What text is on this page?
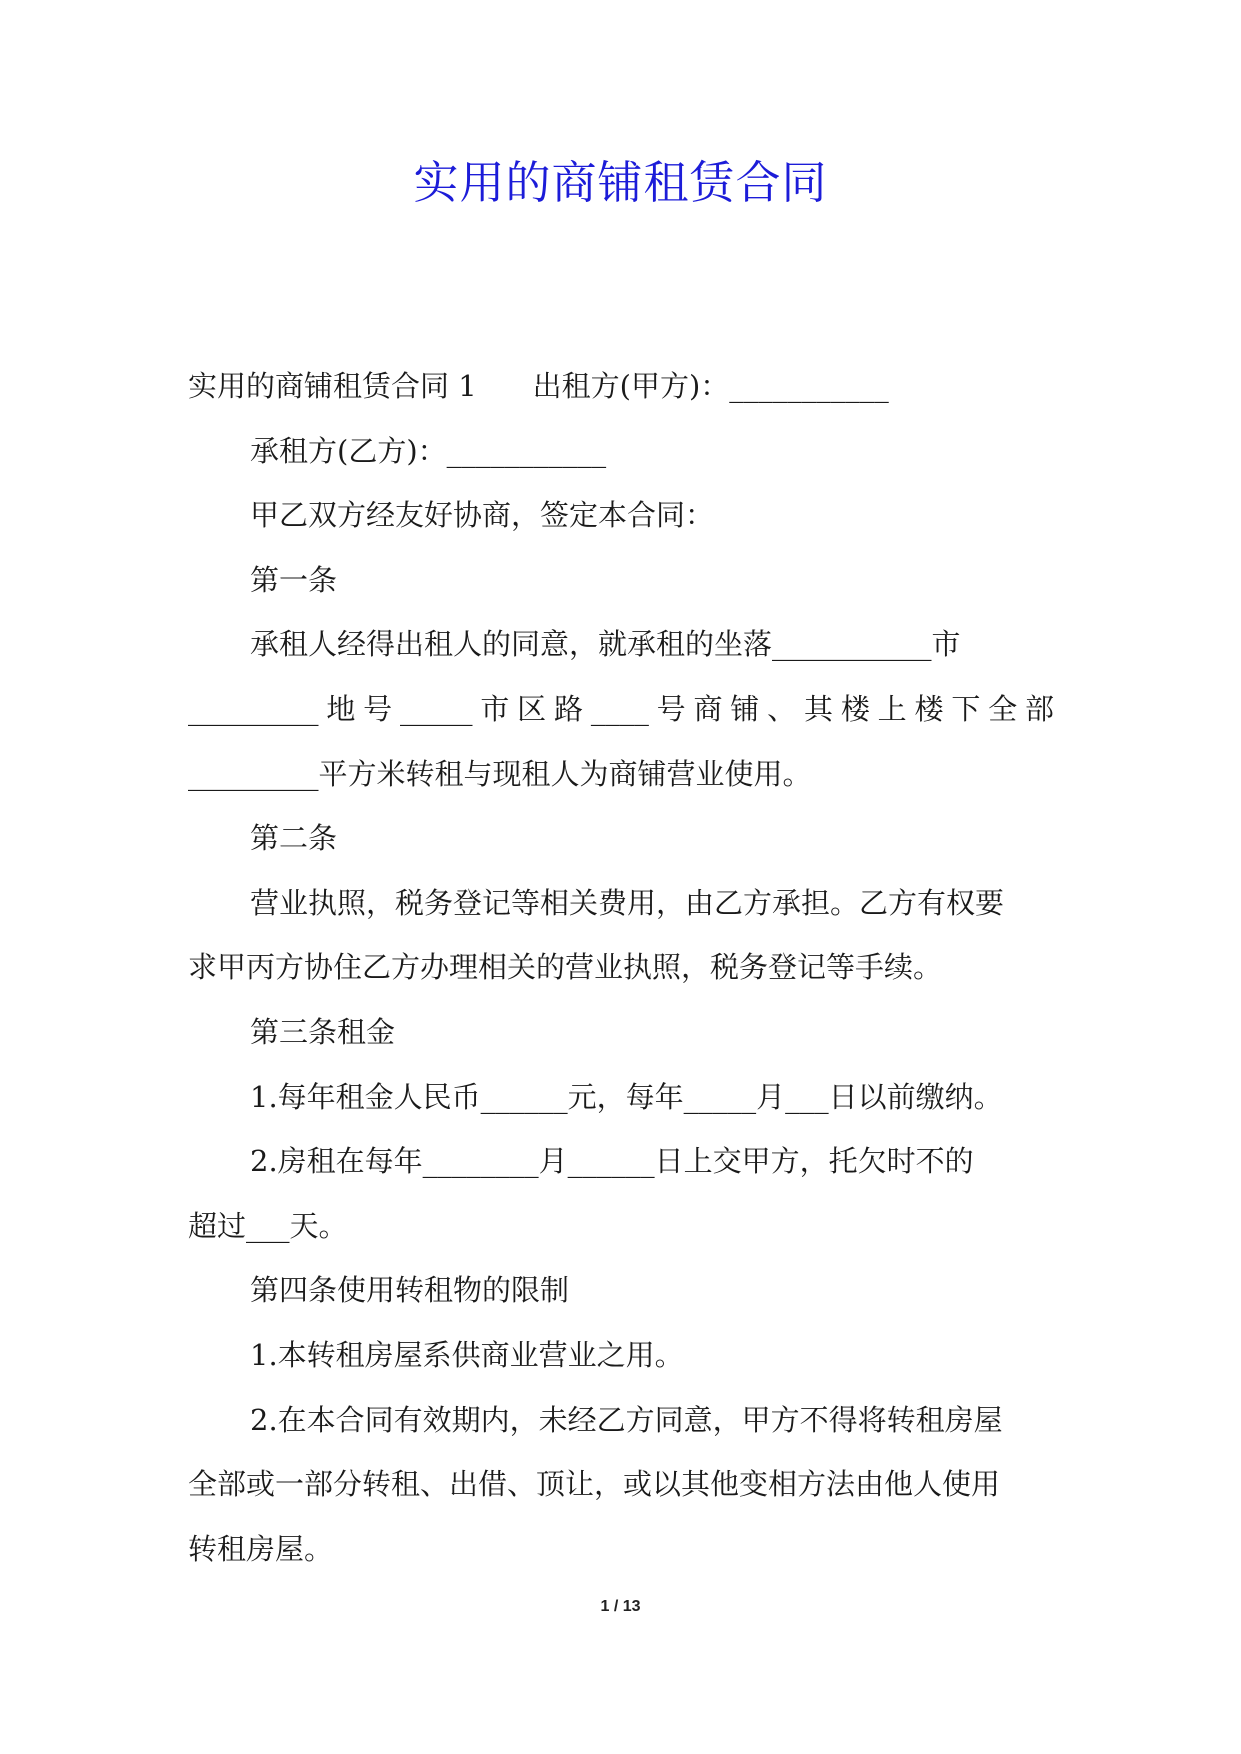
实用的商铺租赁合同

实用的商铺租赁合同 1 出租方(甲方)：___________

承租方(乙方)：___________

甲乙双方经友好协商，签定本合同：

第一条

承租人经得出租人的同意，就承租的坐落___________市

_________地号_____市区路____号商铺、其楼上楼下全部

_________平方米转租与现租人为商铺营业使用。

第二条

营业执照，税务登记等相关费用，由乙方承担。乙方有权要

求甲丙方协住乙方办理相关的营业执照，税务登记等手续。

第三条租金

1.每年租金人民币______元，每年_____月___日以前缴纳。

2.房租在每年________月______日上交甲方，托欠时不的

超过___天。

第四条使用转租物的限制

1.本转租房屋系供商业营业之用。

2.在本合同有效期内，未经乙方同意，甲方不得将转租房屋

全部或一部分转租、出借、顶让，或以其他变相方法由他人使用

转租房屋。

1 / 13
